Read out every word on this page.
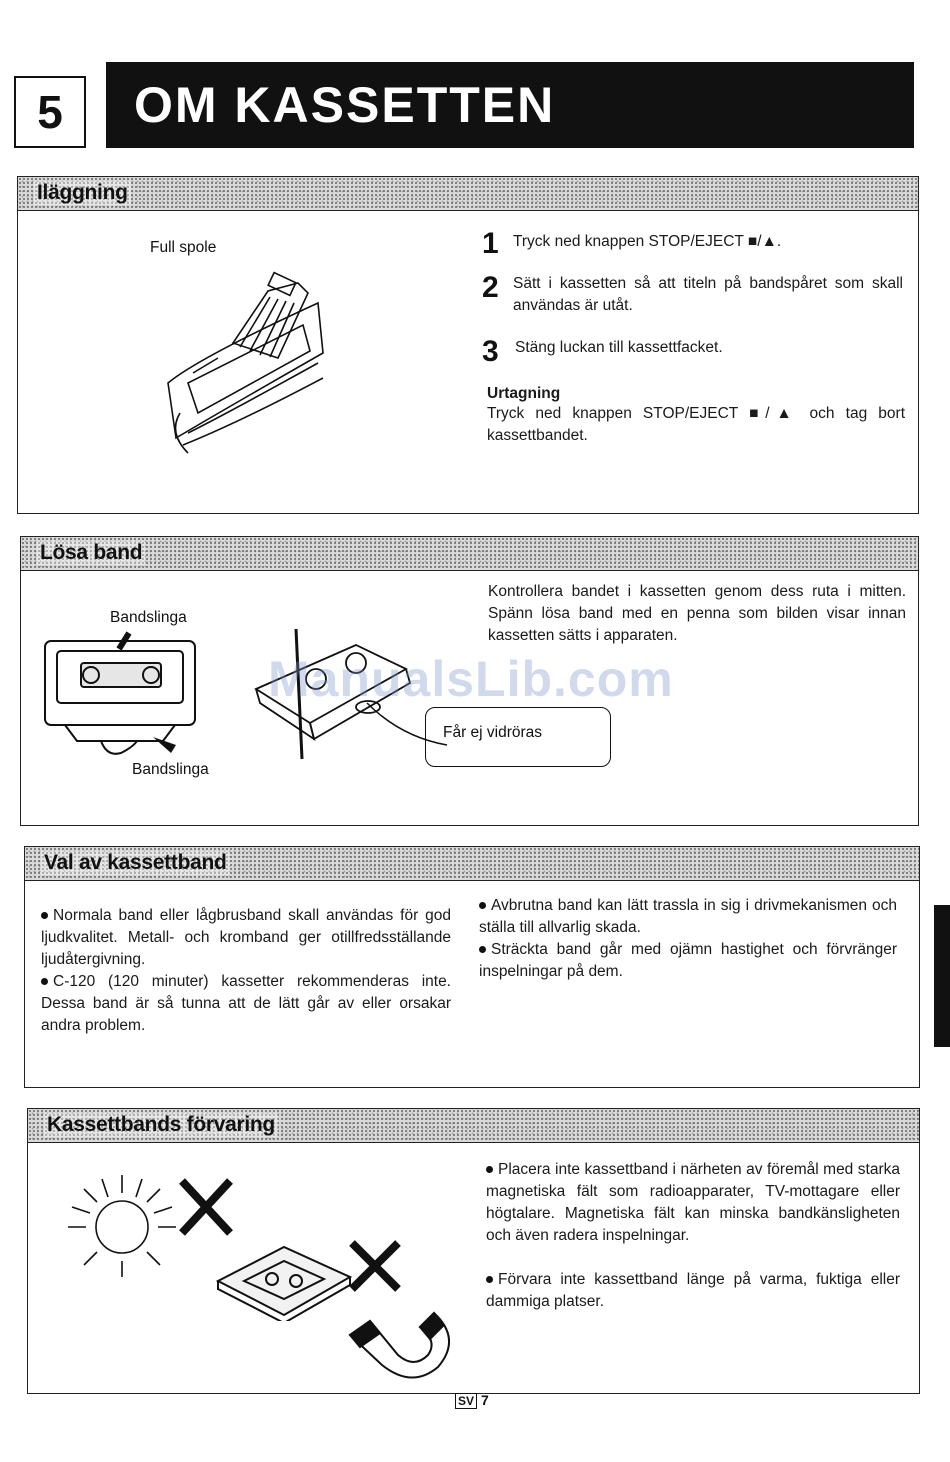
5	OM KASSETTEN
Iläggning
Full spole	1 Tryck ned knappen STOP/EJECT ■/▲.
2 Sätt i kassetten så att titeln på bandspåret som skall användas är utåt.
3 Stäng luckan till kassettfacket.
Urtagning
Tryck ned knappen STOP/EJECT ■/▲ och tag bort kassettbandet.
Lösa band
Bandslinga
Bandslinga
Får ej vidröras
Kontrollera bandet i kassetten genom dess ruta i mitten. Spänn lösa band med en penna som bilden visar innan kassetten sätts i apparaten.
ManualsLib.com
Val av kassettband
Normala band eller lågbrusband skall användas för god ljudkvalitet. Metall- och kromband ger otillfredsställande ljudåtergivning.
C-120 (120 minuter) kassetter rekommenderas inte. Dessa band är så tunna att de lätt går av eller orsakar andra problem.
Avbrutna band kan lätt trassla in sig i drivmekanismen och ställa till allvarlig skada.
Sträckta band går med ojämn hastighet och förvränger inspelningar på dem.
Kassettbands förvaring
Placera inte kassettband i närheten av föremål med starka magnetiska fält som radioapparater, TV-mottagare eller högtalare. Magnetiska fält kan minska bandkänsligheten och även radera inspelningar.
Förvara inte kassettband länge på varma, fuktiga eller dammiga platser.
SV 7
